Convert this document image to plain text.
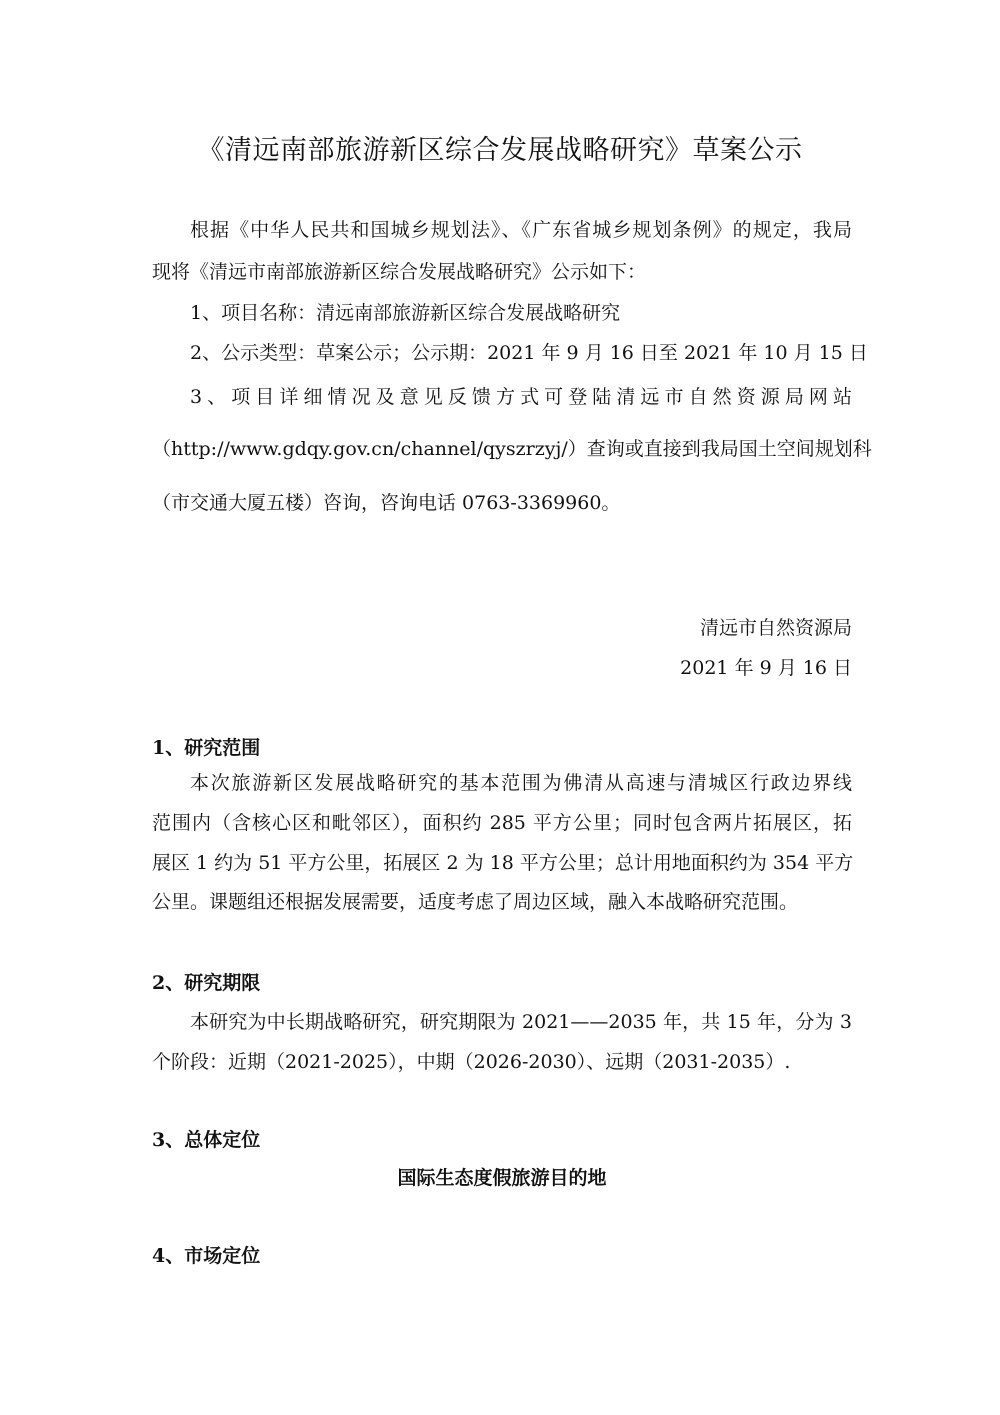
《清远南部旅游新区综合发展战略研究》草案公示

根据《中华人民共和国城乡规划法》、《广东省城乡规划条例》的规定，我局

现将《清远市南部旅游新区综合发展战略研究》公示如下：

1、项目名称：清远南部旅游新区综合发展战略研究

2、公示类型：草案公示；公示期：2021 年 9 月 16 日至 2021 年 10 月 15 日

3、项目详细情况及意见反馈方式可登陆清远市自然资源局网站

（http://www.gdqy.gov.cn/channel/qyszrzyj/）查询或直接到我局国土空间规划科

（市交通大厦五楼）咨询，咨询电话 0763-3369960。

清远市自然资源局

2021 年 9 月 16 日

1、研究范围

本次旅游新区发展战略研究的基本范围为佛清从高速与清城区行政边界线

范围内（含核心区和毗邻区），面积约 285 平方公里；同时包含两片拓展区，拓

展区 1 约为 51 平方公里，拓展区 2 为 18 平方公里；总计用地面积约为 354 平方

公里。课题组还根据发展需要，适度考虑了周边区域，融入本战略研究范围。

2、研究期限

本研究为中长期战略研究，研究期限为 2021——2035 年，共 15 年，分为 3

个阶段：近期（2021-2025），中期（2026-2030）、远期（2031-2035）.

3、总体定位

国际生态度假旅游目的地

4、市场定位
